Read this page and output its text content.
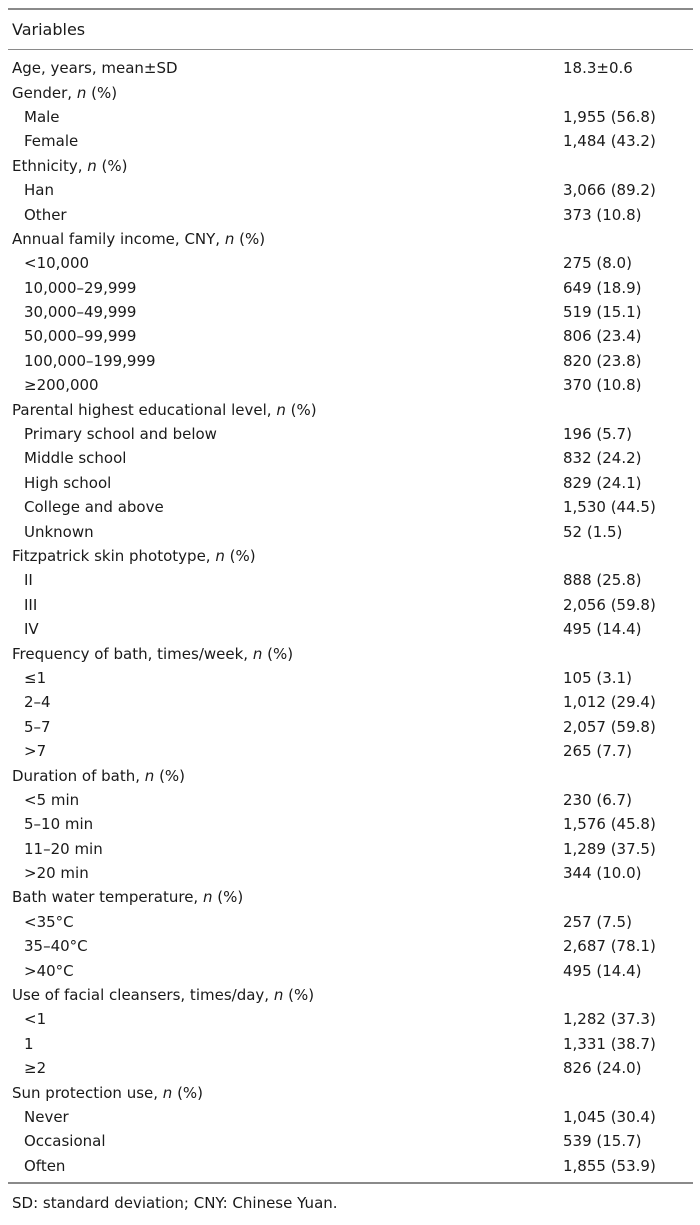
Variables
Age, years, mean±SD	18.3±0.6
Gender, n (%)
Male	1,955 (56.8)
Female	1,484 (43.2)
Ethnicity, n (%)
Han	3,066 (89.2)
Other	373 (10.8)
Annual family income, CNY, n (%)
<10,000	275 (8.0)
10,000–29,999	649 (18.9)
30,000–49,999	519 (15.1)
50,000–99,999	806 (23.4)
100,000–199,999	820 (23.8)
≥200,000	370 (10.8)
Parental highest educational level, n (%)
Primary school and below	196 (5.7)
Middle school	832 (24.2)
High school	829 (24.1)
College and above	1,530 (44.5)
Unknown	52 (1.5)
Fitzpatrick skin phototype, n (%)
II	888 (25.8)
III	2,056 (59.8)
IV	495 (14.4)
Frequency of bath, times/week, n (%)
≤1	105 (3.1)
2–4	1,012 (29.4)
5–7	2,057 (59.8)
>7	265 (7.7)
Duration of bath, n (%)
<5 min	230 (6.7)
5–10 min	1,576 (45.8)
11–20 min	1,289 (37.5)
>20 min	344 (10.0)
Bath water temperature, n (%)
<35°C	257 (7.5)
35–40°C	2,687 (78.1)
>40°C	495 (14.4)
Use of facial cleansers, times/day, n (%)
<1	1,282 (37.3)
1	1,331 (38.7)
≥2	826 (24.0)
Sun protection use, n (%)
Never	1,045 (30.4)
Occasional	539 (15.7)
Often	1,855 (53.9)
SD: standard deviation; CNY: Chinese Yuan.
